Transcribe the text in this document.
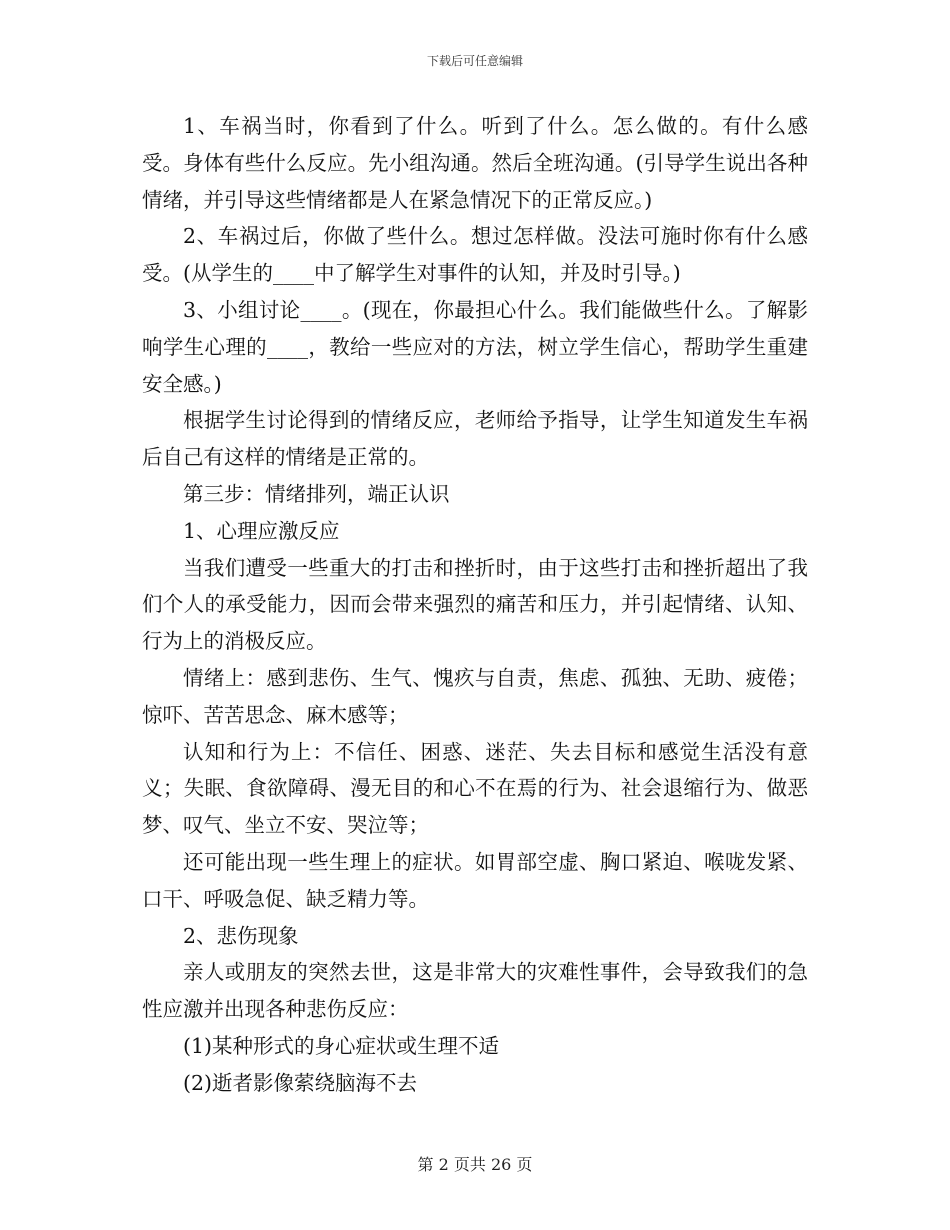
下载后可任意编辑

1、车祸当时，你看到了什么。听到了什么。怎么做的。有什么感受。身体有些什么反应。先小组沟通。然后全班沟通。(引导学生说出各种情绪，并引导这些情绪都是人在紧急情况下的正常反应。)

2、车祸过后，你做了些什么。想过怎样做。没法可施时你有什么感受。(从学生的____中了解学生对事件的认知，并及时引导。)

3、小组讨论____。(现在，你最担心什么。我们能做些什么。了解影响学生心理的____，教给一些应对的方法，树立学生信心，帮助学生重建安全感。)

根据学生讨论得到的情绪反应，老师给予指导，让学生知道发生车祸后自己有这样的情绪是正常的。

第三步：情绪排列，端正认识

1、心理应激反应

当我们遭受一些重大的打击和挫折时，由于这些打击和挫折超出了我们个人的承受能力，因而会带来强烈的痛苦和压力，并引起情绪、认知、行为上的消极反应。

情绪上：感到悲伤、生气、愧疚与自责，焦虑、孤独、无助、疲倦；惊吓、苦苦思念、麻木感等；

认知和行为上：不信任、困惑、迷茫、失去目标和感觉生活没有意义；失眠、食欲障碍、漫无目的和心不在焉的行为、社会退缩行为、做恶梦、叹气、坐立不安、哭泣等；

还可能出现一些生理上的症状。如胃部空虚、胸口紧迫、喉咙发紧、口干、呼吸急促、缺乏精力等。

2、悲伤现象

亲人或朋友的突然去世，这是非常大的灾难性事件，会导致我们的急性应激并出现各种悲伤反应：

(1)某种形式的身心症状或生理不适

(2)逝者影像萦绕脑海不去

第 2 页共 26 页
